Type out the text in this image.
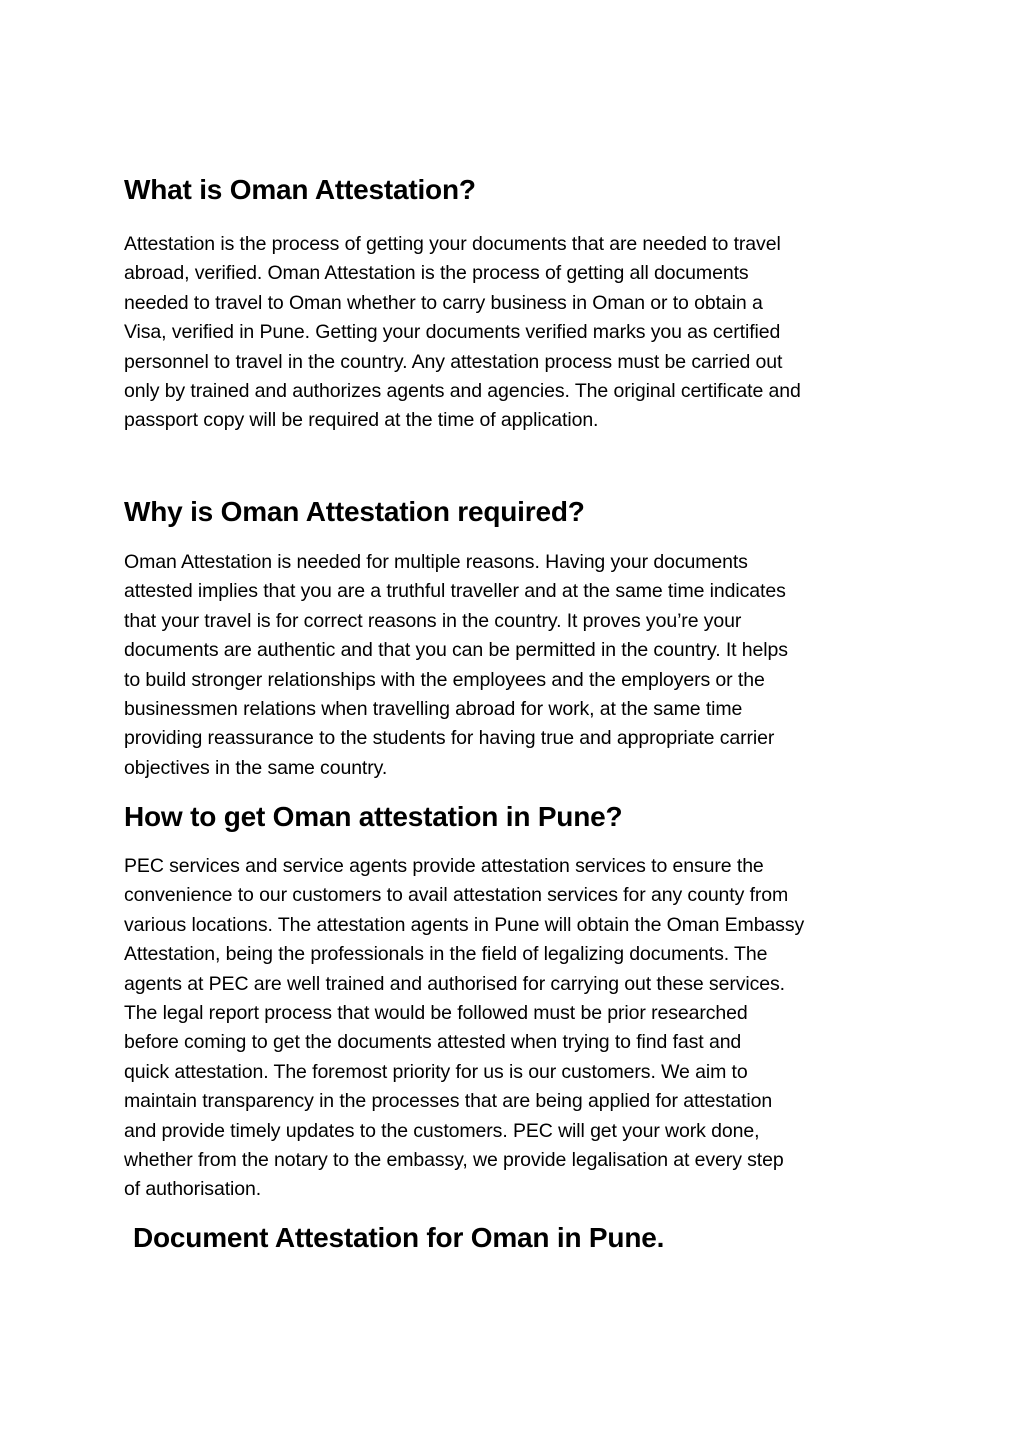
What is Oman Attestation?

Attestation is the process of getting your documents that are needed to travel
abroad, verified. Oman Attestation is the process of getting all documents
needed to travel to Oman whether to carry business in Oman or to obtain a
Visa, verified in Pune. Getting your documents verified marks you as certified
personnel to travel in the country. Any attestation process must be carried out
only by trained and authorizes agents and agencies. The original certificate and
passport copy will be required at the time of application.

Why is Oman Attestation required?

Oman Attestation is needed for multiple reasons. Having your documents
attested implies that you are a truthful traveller and at the same time indicates
that your travel is for correct reasons in the country. It proves you’re your
documents are authentic and that you can be permitted in the country. It helps
to build stronger relationships with the employees and the employers or the
businessmen relations when travelling abroad for work, at the same time
providing reassurance to the students for having true and appropriate carrier
objectives in the same country.

How to get Oman attestation in Pune?

PEC services and service agents provide attestation services to ensure the
convenience to our customers to avail attestation services for any county from
various locations. The attestation agents in Pune will obtain the Oman Embassy
Attestation, being the professionals in the field of legalizing documents. The
agents at PEC are well trained and authorised for carrying out these services.
The legal report process that would be followed must be prior researched
before coming to get the documents attested when trying to find fast and
quick attestation. The foremost priority for us is our customers. We aim to
maintain transparency in the processes that are being applied for attestation
and provide timely updates to the customers. PEC will get your work done,
whether from the notary to the embassy, we provide legalisation at every step
of authorisation.

Document Attestation for Oman in Pune.
